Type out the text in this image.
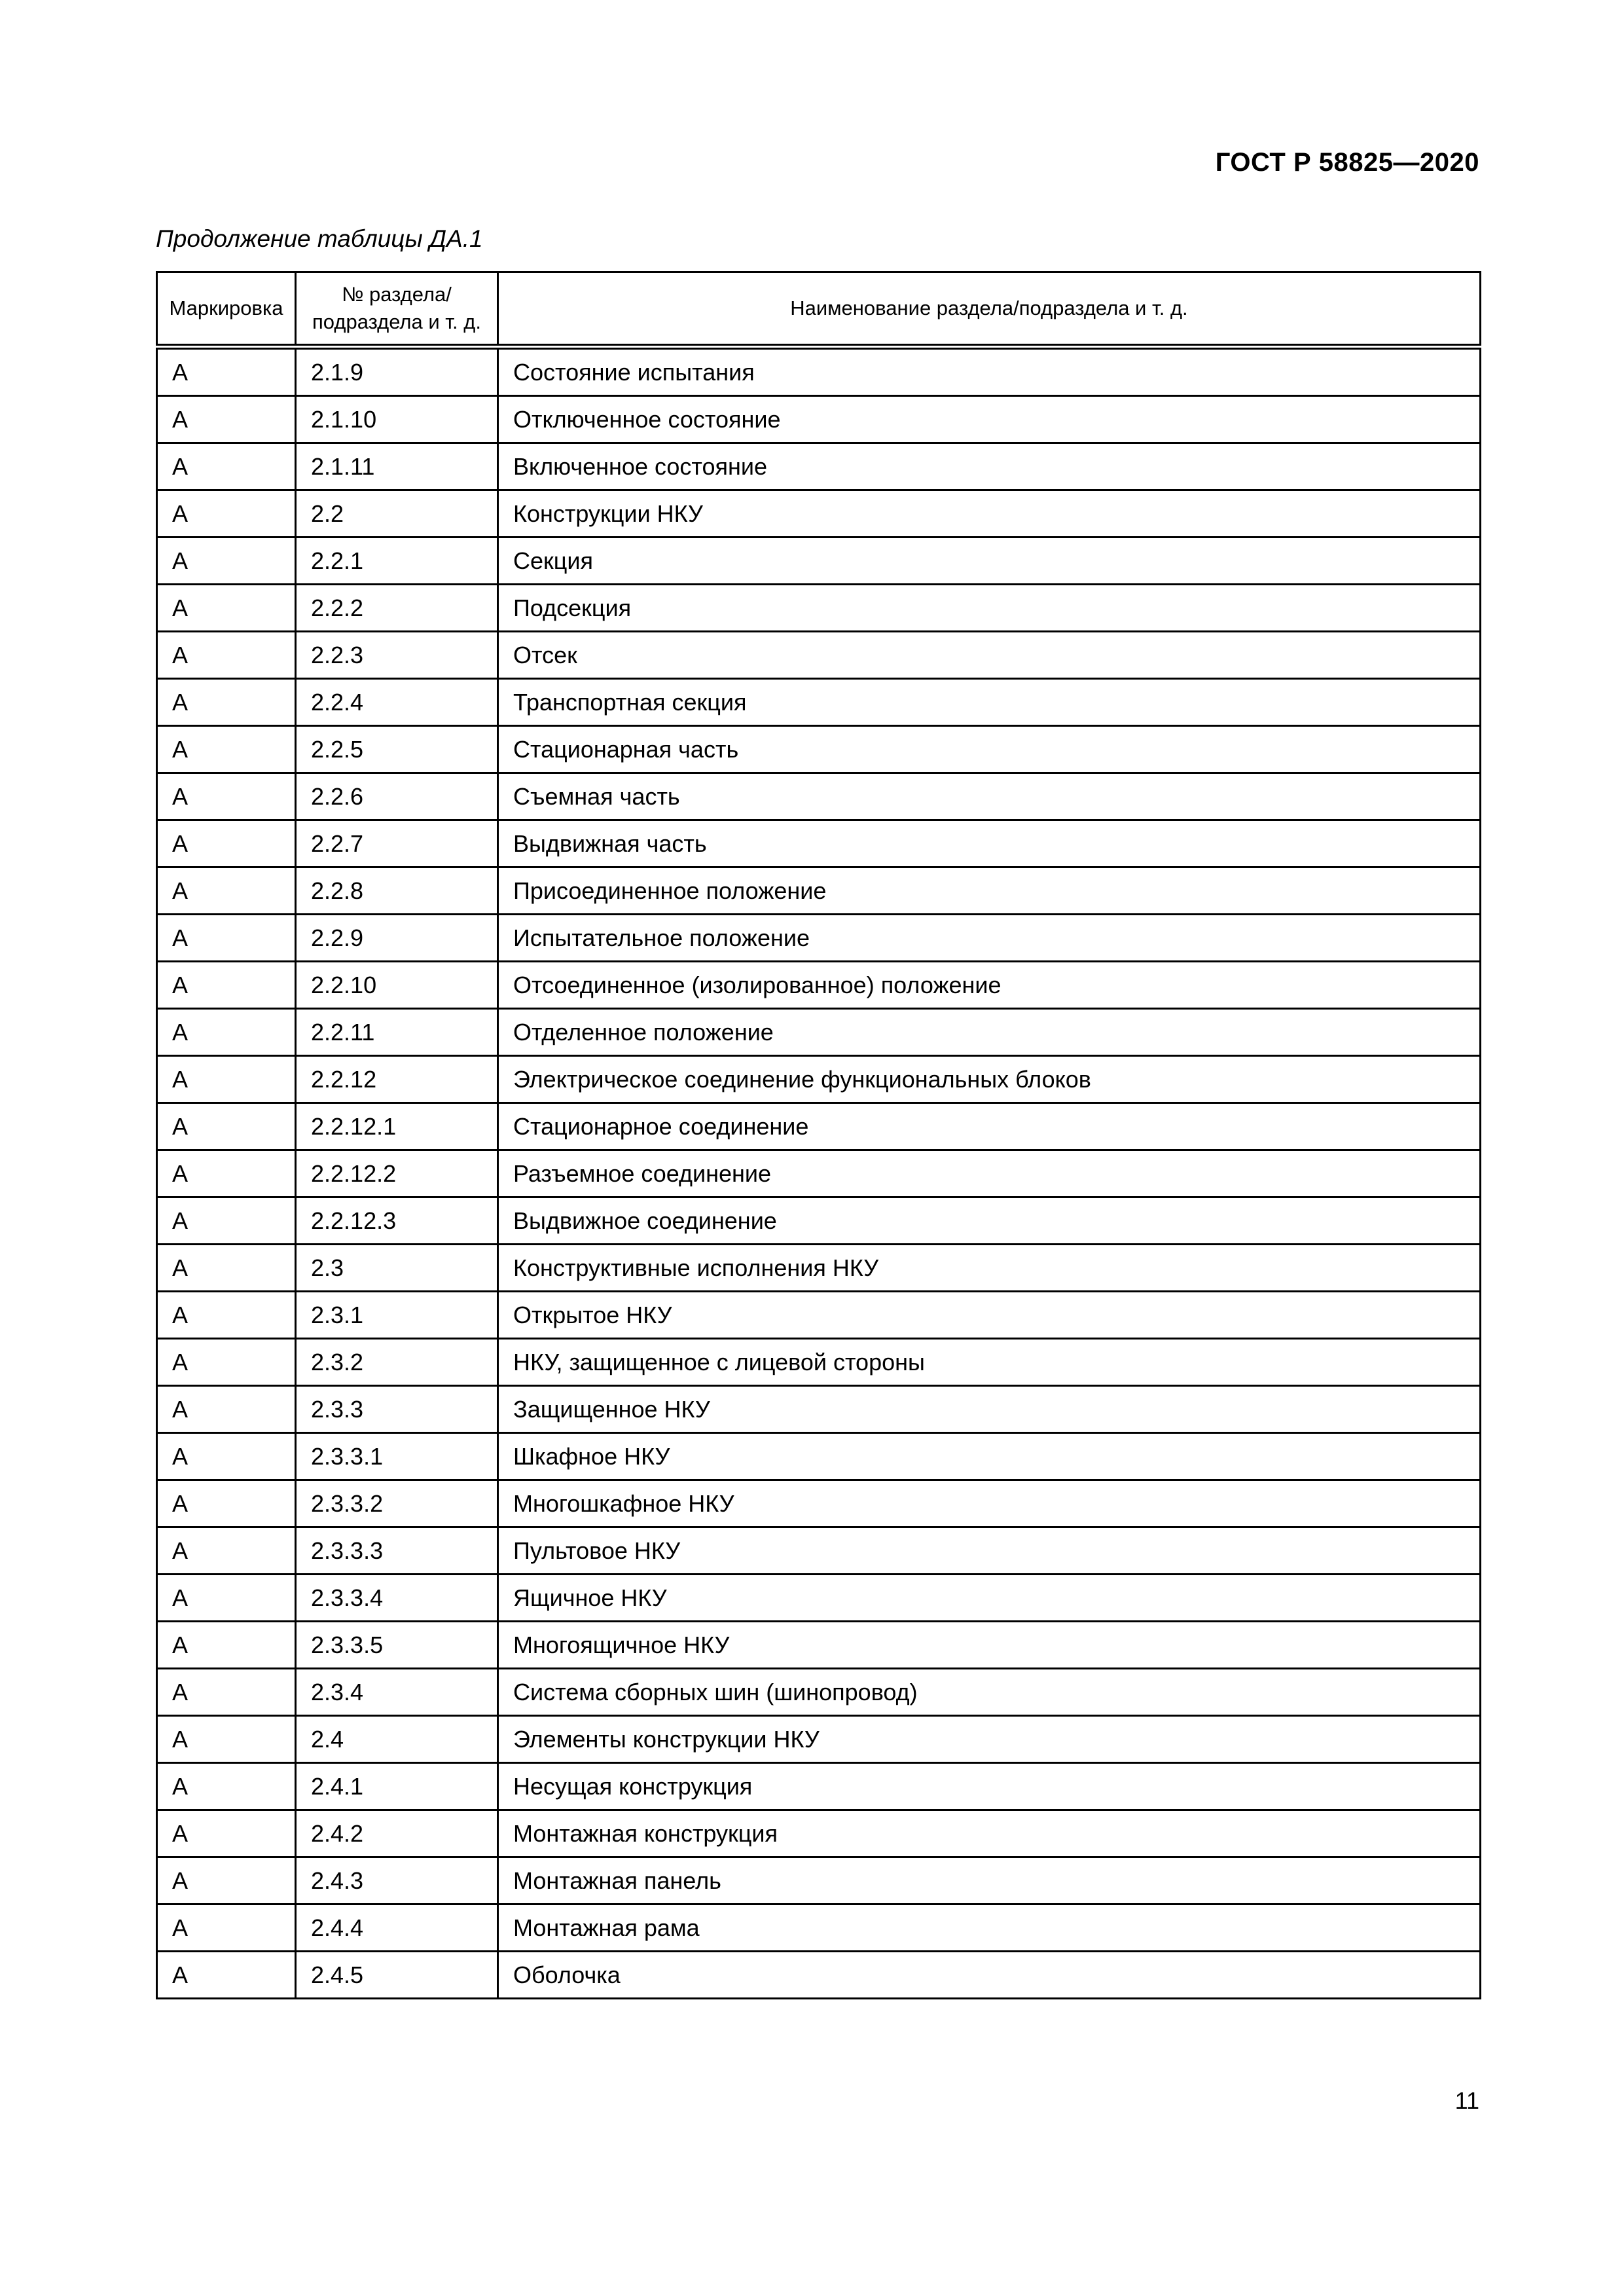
ГОСТ Р 58825—2020
Продолжение таблицы ДА.1
Маркировка	№ раздела/ подраздела и т. д.	Наименование раздела/подраздела и т. д.
A	2.1.9	Состояние испытания
A	2.1.10	Отключенное состояние
A	2.1.11	Включенное состояние
A	2.2	Конструкции НКУ
A	2.2.1	Секция
A	2.2.2	Подсекция
A	2.2.3	Отсек
A	2.2.4	Транспортная секция
A	2.2.5	Стационарная часть
A	2.2.6	Съемная часть
A	2.2.7	Выдвижная часть
A	2.2.8	Присоединенное положение
A	2.2.9	Испытательное положение
A	2.2.10	Отсоединенное (изолированное) положение
A	2.2.11	Отделенное положение
A	2.2.12	Электрическое соединение функциональных блоков
A	2.2.12.1	Стационарное соединение
A	2.2.12.2	Разъемное соединение
A	2.2.12.3	Выдвижное соединение
A	2.3	Конструктивные исполнения НКУ
A	2.3.1	Открытое НКУ
A	2.3.2	НКУ, защищенное с лицевой стороны
A	2.3.3	Защищенное НКУ
A	2.3.3.1	Шкафное НКУ
A	2.3.3.2	Многошкафное НКУ
A	2.3.3.3	Пультовое НКУ
A	2.3.3.4	Ящичное НКУ
A	2.3.3.5	Многоящичное НКУ
A	2.3.4	Система сборных шин (шинопровод)
A	2.4	Элементы конструкции НКУ
A	2.4.1	Несущая конструкция
A	2.4.2	Монтажная конструкция
A	2.4.3	Монтажная панель
A	2.4.4	Монтажная рама
A	2.4.5	Оболочка
11
